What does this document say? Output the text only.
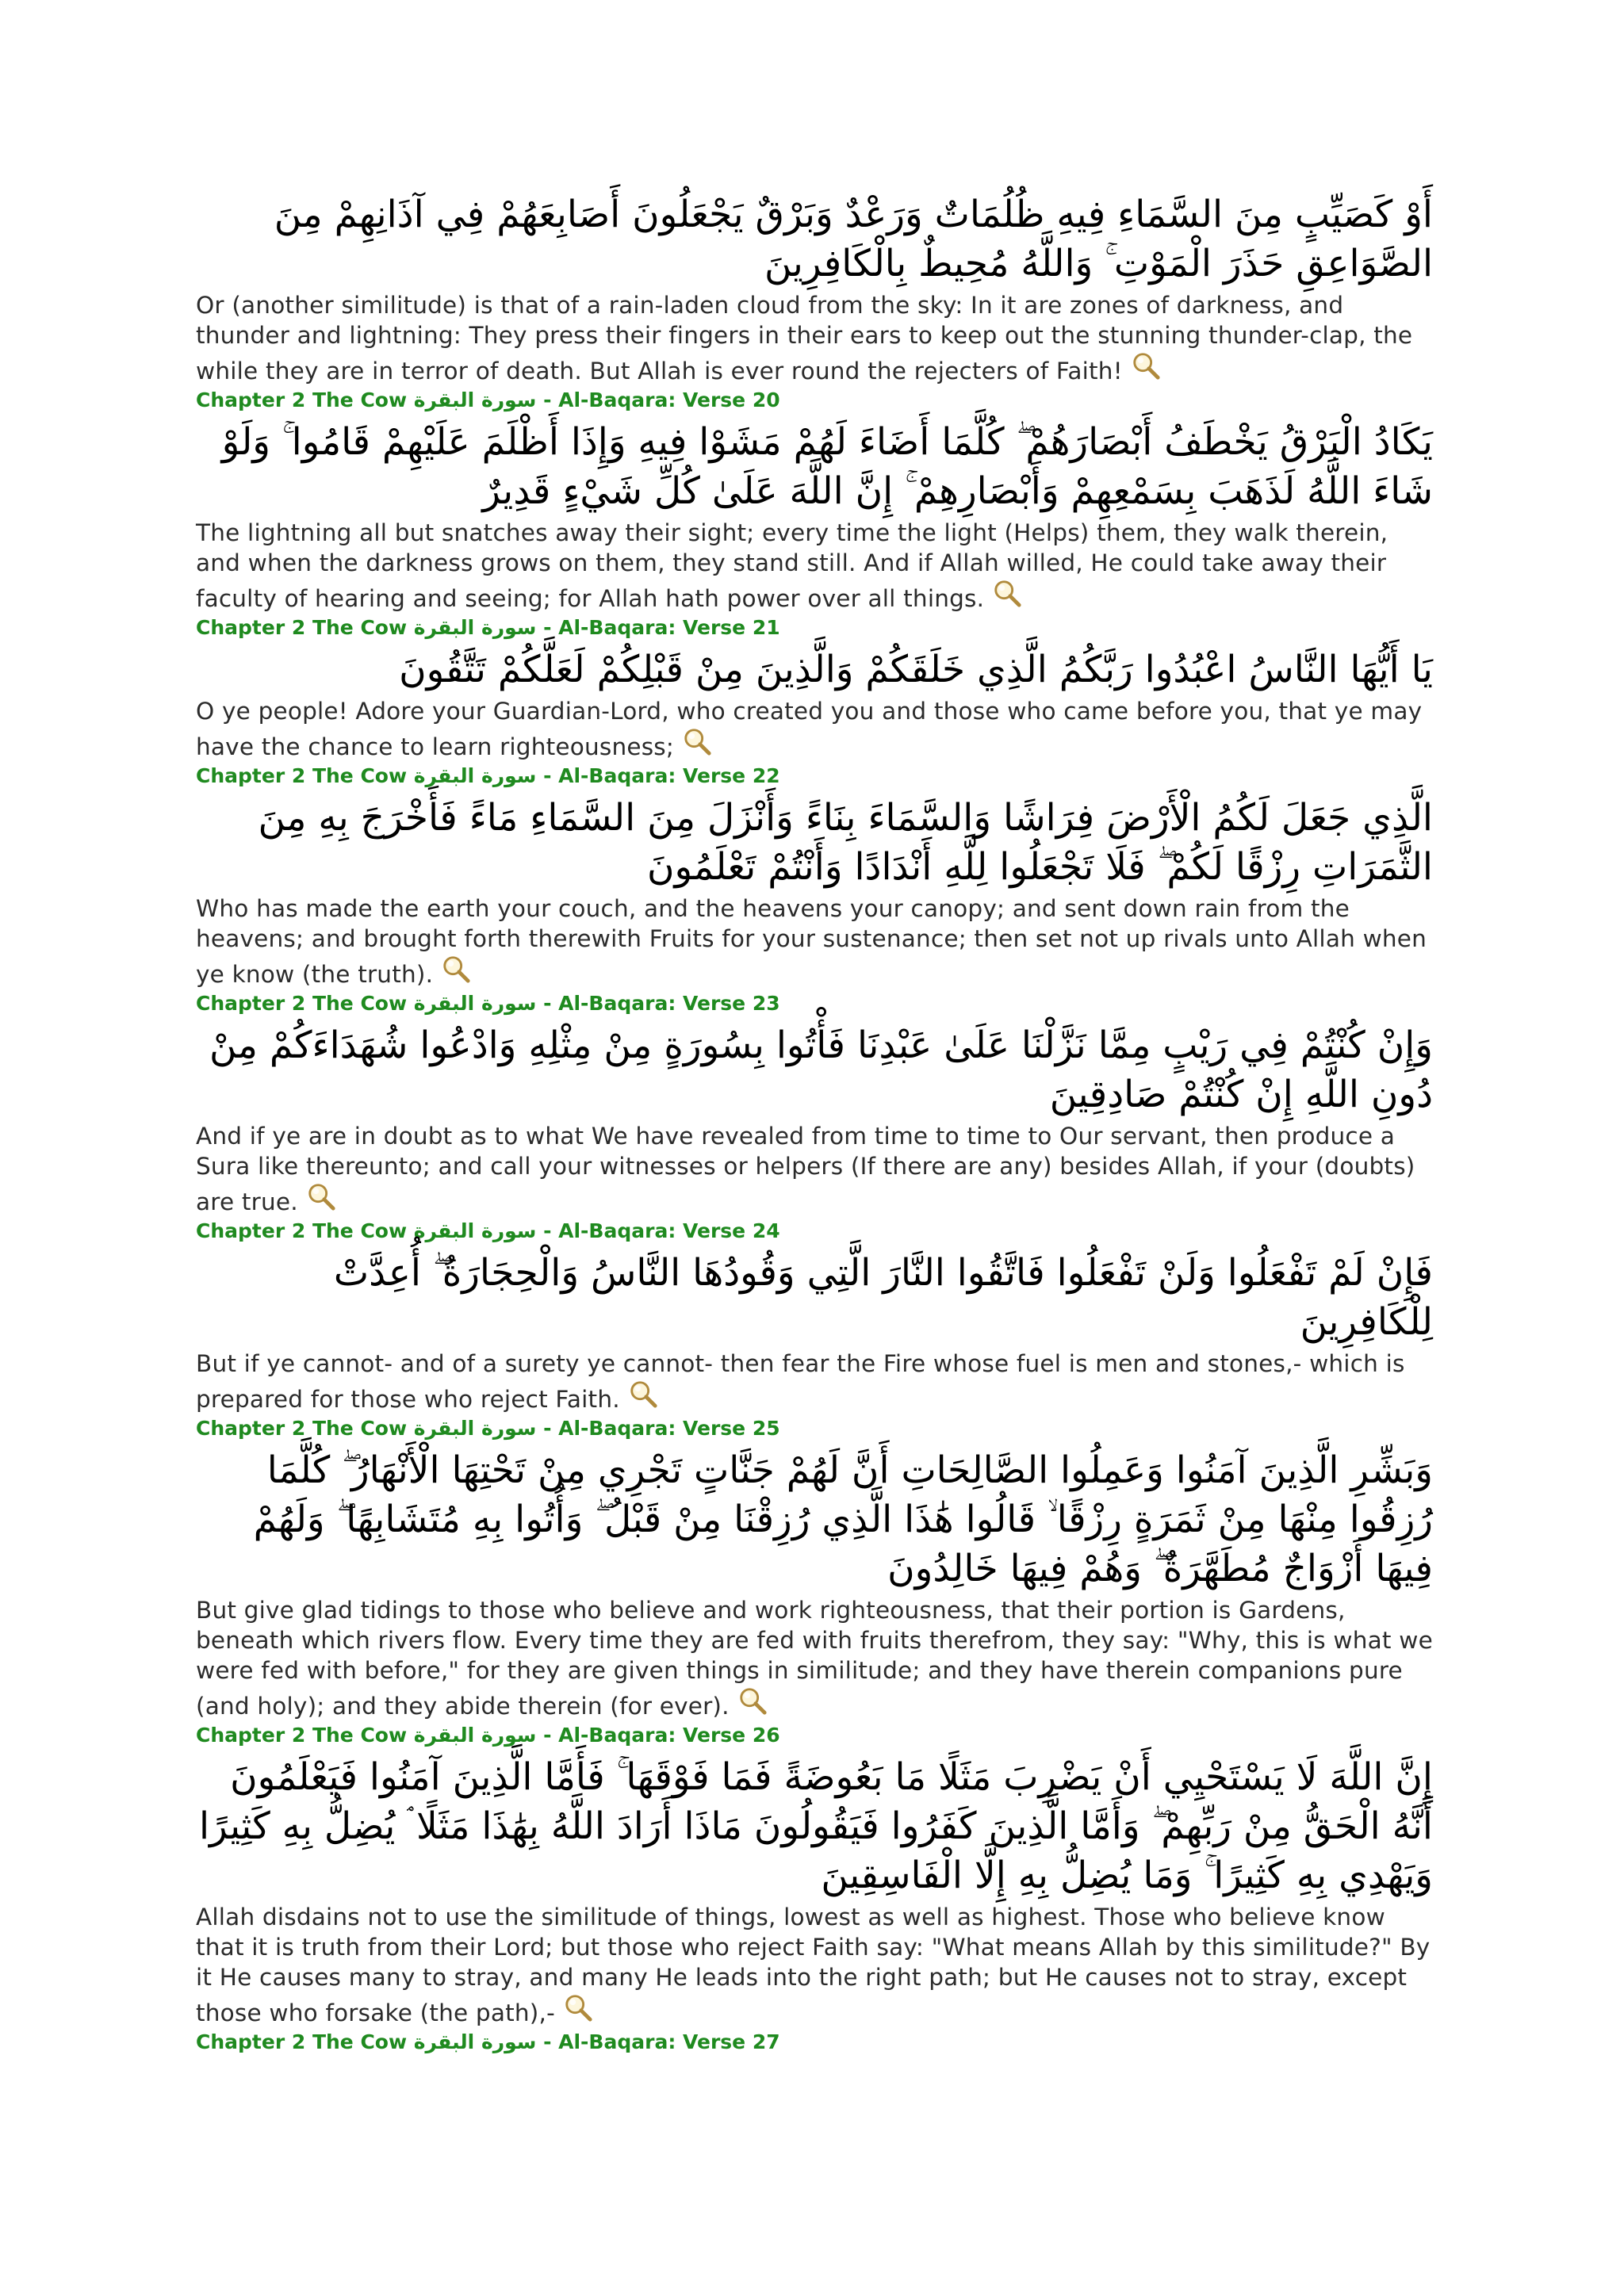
أَوْ كَصَيِّبٍ مِنَ السَّمَاءِ فِيهِ ظُلُمَاتٌ وَرَعْدٌ وَبَرْقٌ يَجْعَلُونَ أَصَابِعَهُمْ فِي آذَانِهِمْ مِنَ الصَّوَاعِقِ حَذَرَ الْمَوْتِ ۚ وَاللَّهُ مُحِيطٌ بِالْكَافِرِينَ

Or (another similitude) is that of a rain-laden cloud from the sky: In it are zones of darkness, and thunder and lightning: They press their fingers in their ears to keep out the stunning thunder-clap, the while they are in terror of death. But Allah is ever round the rejecters of Faith!

Chapter 2 The Cow سورة البقرة - Al-Baqara: Verse 20

يَكَادُ الْبَرْقُ يَخْطَفُ أَبْصَارَهُمْ ۖ كُلَّمَا أَضَاءَ لَهُمْ مَشَوْا فِيهِ وَإِذَا أَظْلَمَ عَلَيْهِمْ قَامُوا ۚ وَلَوْ شَاءَ اللَّهُ لَذَهَبَ بِسَمْعِهِمْ وَأَبْصَارِهِمْ ۚ إِنَّ اللَّهَ عَلَىٰ كُلِّ شَيْءٍ قَدِيرٌ

The lightning all but snatches away their sight; every time the light (Helps) them, they walk therein, and when the darkness grows on them, they stand still. And if Allah willed, He could take away their faculty of hearing and seeing; for Allah hath power over all things.

Chapter 2 The Cow سورة البقرة - Al-Baqara: Verse 21

يَا أَيُّهَا النَّاسُ اعْبُدُوا رَبَّكُمُ الَّذِي خَلَقَكُمْ وَالَّذِينَ مِنْ قَبْلِكُمْ لَعَلَّكُمْ تَتَّقُونَ

O ye people! Adore your Guardian-Lord, who created you and those who came before you, that ye may have the chance to learn righteousness;

Chapter 2 The Cow سورة البقرة - Al-Baqara: Verse 22

الَّذِي جَعَلَ لَكُمُ الْأَرْضَ فِرَاشًا وَالسَّمَاءَ بِنَاءً وَأَنْزَلَ مِنَ السَّمَاءِ مَاءً فَأَخْرَجَ بِهِ مِنَ الثَّمَرَاتِ رِزْقًا لَكُمْ ۖ فَلَا تَجْعَلُوا لِلَّهِ أَنْدَادًا وَأَنْتُمْ تَعْلَمُونَ

Who has made the earth your couch, and the heavens your canopy; and sent down rain from the heavens; and brought forth therewith Fruits for your sustenance; then set not up rivals unto Allah when ye know (the truth).

Chapter 2 The Cow سورة البقرة - Al-Baqara: Verse 23

وَإِنْ كُنْتُمْ فِي رَيْبٍ مِمَّا نَزَّلْنَا عَلَىٰ عَبْدِنَا فَأْتُوا بِسُورَةٍ مِنْ مِثْلِهِ وَادْعُوا شُهَدَاءَكُمْ مِنْ دُونِ اللَّهِ إِنْ كُنْتُمْ صَادِقِينَ

And if ye are in doubt as to what We have revealed from time to time to Our servant, then produce a Sura like thereunto; and call your witnesses or helpers (If there are any) besides Allah, if your (doubts) are true.

Chapter 2 The Cow سورة البقرة - Al-Baqara: Verse 24

فَإِنْ لَمْ تَفْعَلُوا وَلَنْ تَفْعَلُوا فَاتَّقُوا النَّارَ الَّتِي وَقُودُهَا النَّاسُ وَالْحِجَارَةُ ۖ أُعِدَّتْ لِلْكَافِرِينَ

But if ye cannot- and of a surety ye cannot- then fear the Fire whose fuel is men and stones,- which is prepared for those who reject Faith.

Chapter 2 The Cow سورة البقرة - Al-Baqara: Verse 25

وَبَشِّرِ الَّذِينَ آمَنُوا وَعَمِلُوا الصَّالِحَاتِ أَنَّ لَهُمْ جَنَّاتٍ تَجْرِي مِنْ تَحْتِهَا الْأَنْهَارُ ۖ كُلَّمَا رُزِقُوا مِنْهَا مِنْ ثَمَرَةٍ رِزْقًا ۙ قَالُوا هَٰذَا الَّذِي رُزِقْنَا مِنْ قَبْلُ ۖ وَأُتُوا بِهِ مُتَشَابِهًا ۖ وَلَهُمْ فِيهَا أَزْوَاجٌ مُطَهَّرَةٌ ۖ وَهُمْ فِيهَا خَالِدُونَ

But give glad tidings to those who believe and work righteousness, that their portion is Gardens, beneath which rivers flow. Every time they are fed with fruits therefrom, they say: "Why, this is what we were fed with before," for they are given things in similitude; and they have therein companions pure (and holy); and they abide therein (for ever).

Chapter 2 The Cow سورة البقرة - Al-Baqara: Verse 26

إِنَّ اللَّهَ لَا يَسْتَحْيِي أَنْ يَضْرِبَ مَثَلًا مَا بَعُوضَةً فَمَا فَوْقَهَا ۚ فَأَمَّا الَّذِينَ آمَنُوا فَيَعْلَمُونَ أَنَّهُ الْحَقُّ مِنْ رَبِّهِمْ ۖ وَأَمَّا الَّذِينَ كَفَرُوا فَيَقُولُونَ مَاذَا أَرَادَ اللَّهُ بِهَٰذَا مَثَلًا ۘ يُضِلُّ بِهِ كَثِيرًا وَيَهْدِي بِهِ كَثِيرًا ۚ وَمَا يُضِلُّ بِهِ إِلَّا الْفَاسِقِينَ

Allah disdains not to use the similitude of things, lowest as well as highest. Those who believe know that it is truth from their Lord; but those who reject Faith say: "What means Allah by this similitude?" By it He causes many to stray, and many He leads into the right path; but He causes not to stray, except those who forsake (the path),-

Chapter 2 The Cow سورة البقرة - Al-Baqara: Verse 27
